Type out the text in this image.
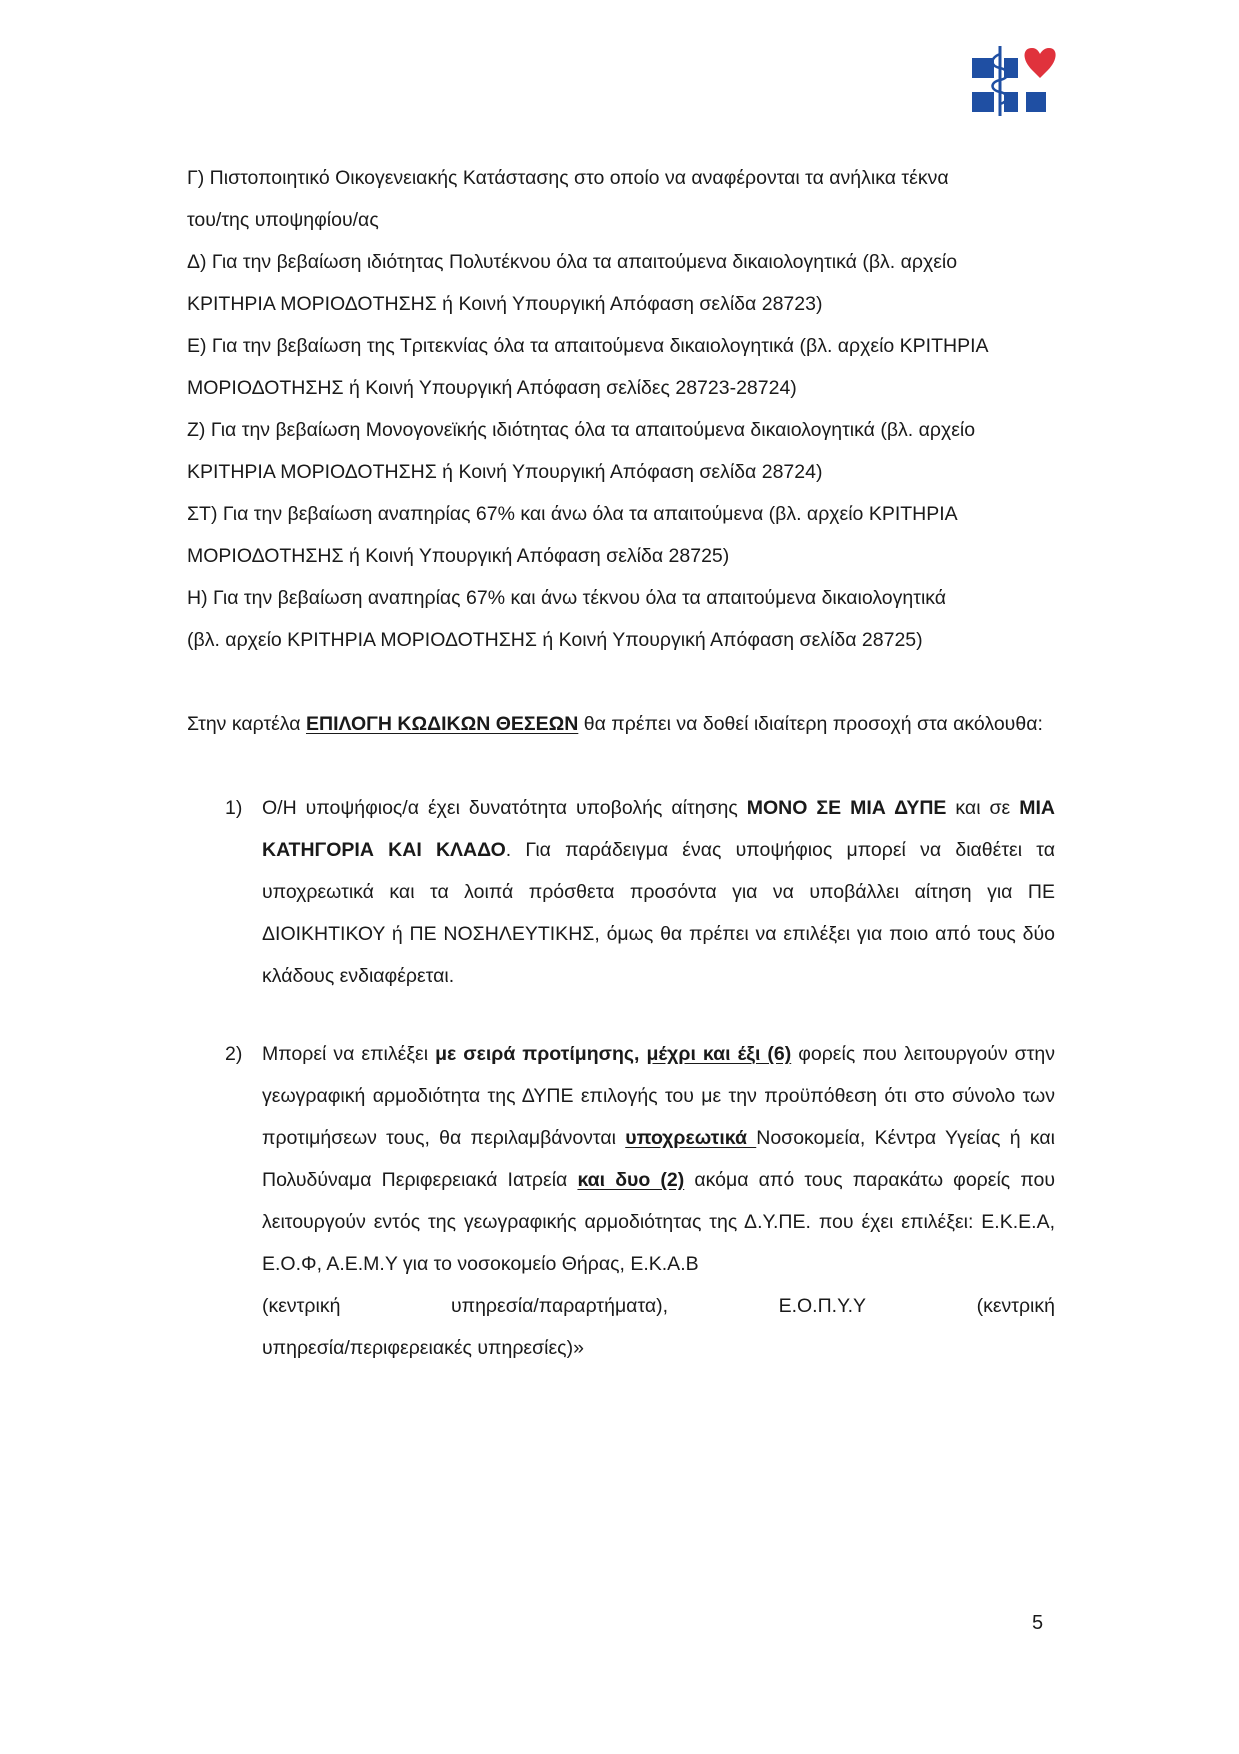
Γ) Πιστοποιητικό Οικογενειακής Κατάστασης στο οποίο να αναφέρονται τα ανήλικα τέκνα
του/της υποψηφίου/ας

Δ) Για την βεβαίωση ιδιότητας Πολυτέκνου όλα τα απαιτούμενα δικαιολογητικά (βλ. αρχείο
ΚΡΙΤΗΡΙΑ ΜΟΡΙΟΔΟΤΗΣΗΣ ή Κοινή Υπουργική Απόφαση σελίδα 28723)

Ε) Για την βεβαίωση της Τριτεκνίας όλα τα απαιτούμενα δικαιολογητικά (βλ. αρχείο ΚΡΙΤΗΡΙΑ
ΜΟΡΙΟΔΟΤΗΣΗΣ ή Κοινή Υπουργική Απόφαση σελίδες 28723-28724)

Ζ) Για την βεβαίωση Μονογονεϊκής ιδιότητας όλα τα απαιτούμενα δικαιολογητικά (βλ. αρχείο
ΚΡΙΤΗΡΙΑ ΜΟΡΙΟΔΟΤΗΣΗΣ ή Κοινή Υπουργική Απόφαση σελίδα 28724)

ΣΤ) Για την βεβαίωση αναπηρίας 67% και άνω όλα τα απαιτούμενα (βλ. αρχείο ΚΡΙΤΗΡΙΑ
ΜΟΡΙΟΔΟΤΗΣΗΣ ή Κοινή Υπουργική Απόφαση σελίδα 28725)

Η) Για την βεβαίωση αναπηρίας 67% και άνω τέκνου όλα τα απαιτούμενα δικαιολογητικά
(βλ. αρχείο ΚΡΙΤΗΡΙΑ ΜΟΡΙΟΔΟΤΗΣΗΣ ή Κοινή Υπουργική Απόφαση σελίδα 28725)

Στην καρτέλα ΕΠΙΛΟΓΗ ΚΩΔΙΚΩΝ ΘΕΣΕΩΝ θα πρέπει να δοθεί ιδιαίτερη προσοχή στα ακόλουθα:

1) Ο/Η υποψήφιος/α έχει δυνατότητα υποβολής αίτησης ΜΟΝΟ ΣΕ ΜΙΑ ΔΥΠΕ και σε ΜΙΑ ΚΑΤΗΓΟΡΙΑ ΚΑΙ ΚΛΑΔΟ. Για παράδειγμα ένας υποψήφιος μπορεί να διαθέτει τα υποχρεωτικά και τα λοιπά πρόσθετα προσόντα για να υποβάλλει αίτηση για ΠΕ ΔΙΟΙΚΗΤΙΚΟΥ ή ΠΕ ΝΟΣΗΛΕΥΤΙΚΗΣ, όμως θα πρέπει να επιλέξει για ποιο από τους δύο κλάδους ενδιαφέρεται.

2) Μπορεί να επιλέξει με σειρά προτίμησης, μέχρι και έξι (6) φορείς που λειτουργούν στην γεωγραφική αρμοδιότητα της ΔΥΠΕ επιλογής του με την προϋπόθεση ότι στο σύνολο των προτιμήσεων τους, θα περιλαμβάνονται υποχρεωτικά Νοσοκομεία, Κέντρα Υγείας ή και Πολυδύναμα Περιφερειακά Ιατρεία και δυο (2) ακόμα από τους παρακάτω φορείς που λειτουργούν εντός της γεωγραφικής αρμοδιότητας της Δ.Υ.ΠΕ. που έχει επιλέξει: Ε.Κ.Ε.Α, Ε.Ο.Φ, Α.Ε.Μ.Υ για το νοσοκομείο Θήρας, Ε.Κ.Α.Β

(κεντρική	υπηρεσία/παραρτήματα),	Ε.Ο.Π.Υ.Υ	(κεντρική

υπηρεσία/περιφερειακές υπηρεσίες)»

5
